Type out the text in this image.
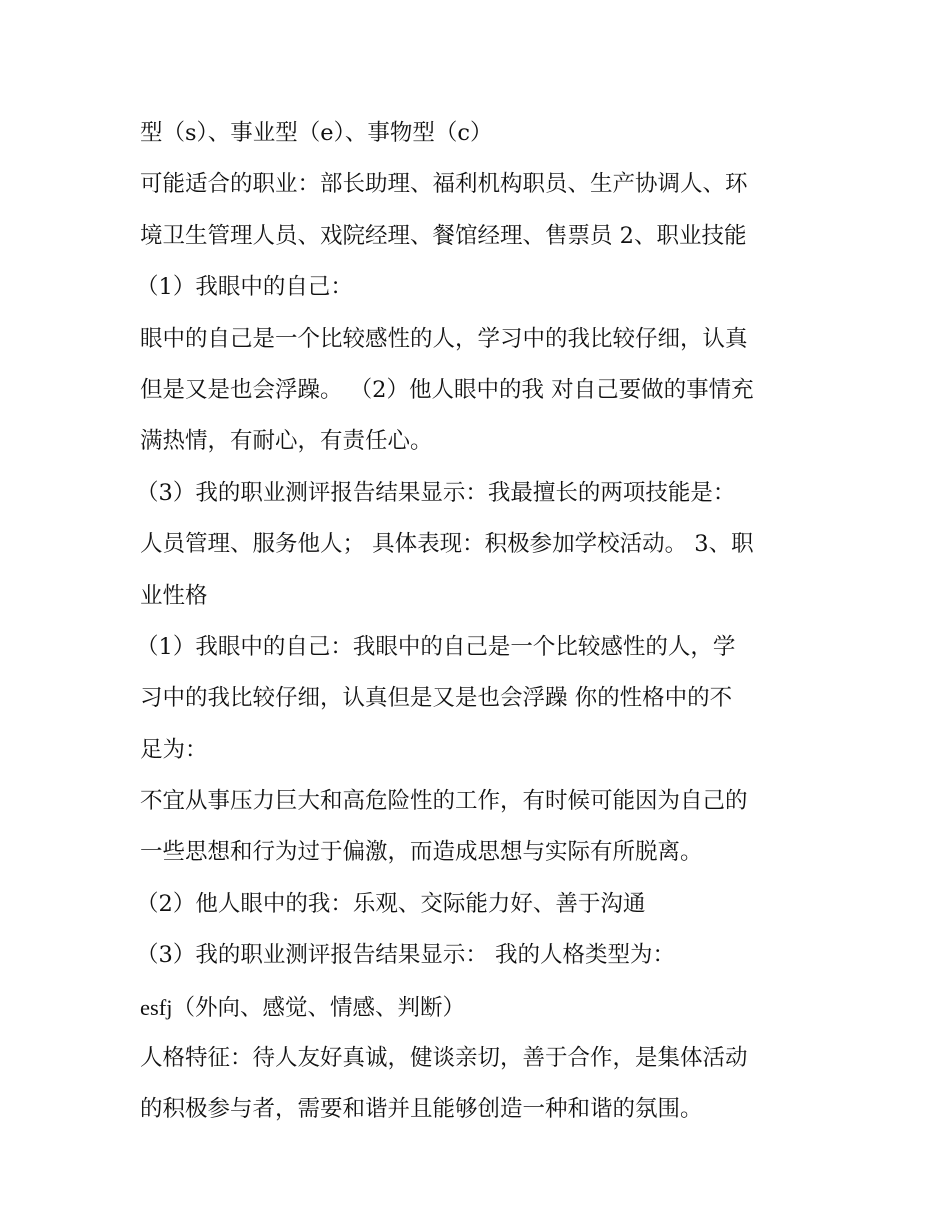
型（s）、事业型（e）、事物型（c）
可能适合的职业：部长助理、福利机构职员、生产协调人、环
境卫生管理人员、戏院经理、餐馆经理、售票员 2、职业技能
（1）我眼中的自己：
眼中的自己是一个比较感性的人，学习中的我比较仔细，认真
但是又是也会浮躁。 （2）他人眼中的我 对自己要做的事情充
满热情，有耐心，有责任心。
（3）我的职业测评报告结果显示：我最擅长的两项技能是：
人员管理、服务他人； 具体表现：积极参加学校活动。 3、职
业性格
（1）我眼中的自己：我眼中的自己是一个比较感性的人，学
习中的我比较仔细，认真但是又是也会浮躁 你的性格中的不
足为：
不宜从事压力巨大和高危险性的工作，有时候可能因为自己的
一些思想和行为过于偏激，而造成思想与实际有所脱离。
（2）他人眼中的我：乐观、交际能力好、善于沟通
（3）我的职业测评报告结果显示： 我的人格类型为：
esfj（外向、感觉、情感、判断）
人格特征：待人友好真诚，健谈亲切，善于合作，是集体活动
的积极参与者，需要和谐并且能够创造一种和谐的氛围。
